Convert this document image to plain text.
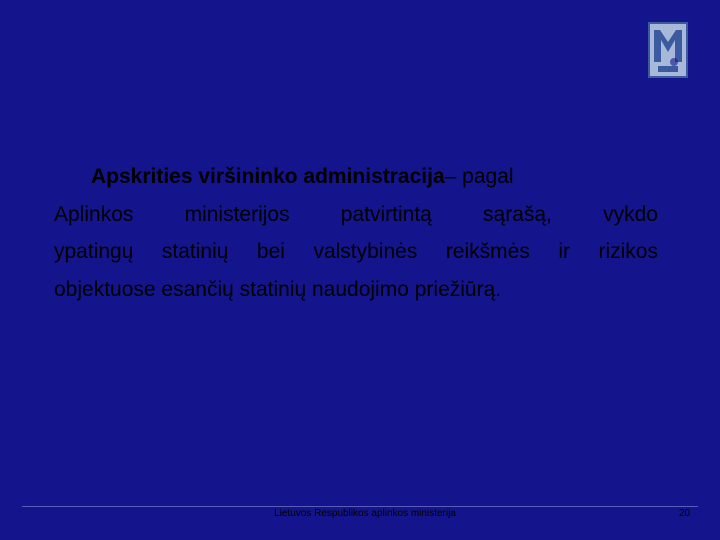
Apskrities viršininko administracija – pagal
Aplinkos ministerijos patvirtintą sąrašą, vykdo
ypatingų statinių bei valstybinės reikšmės ir rizikos
objektuose esančių statinių naudojimo priežiūrą.
Lietuvos Respublikos aplinkos ministerija	20
